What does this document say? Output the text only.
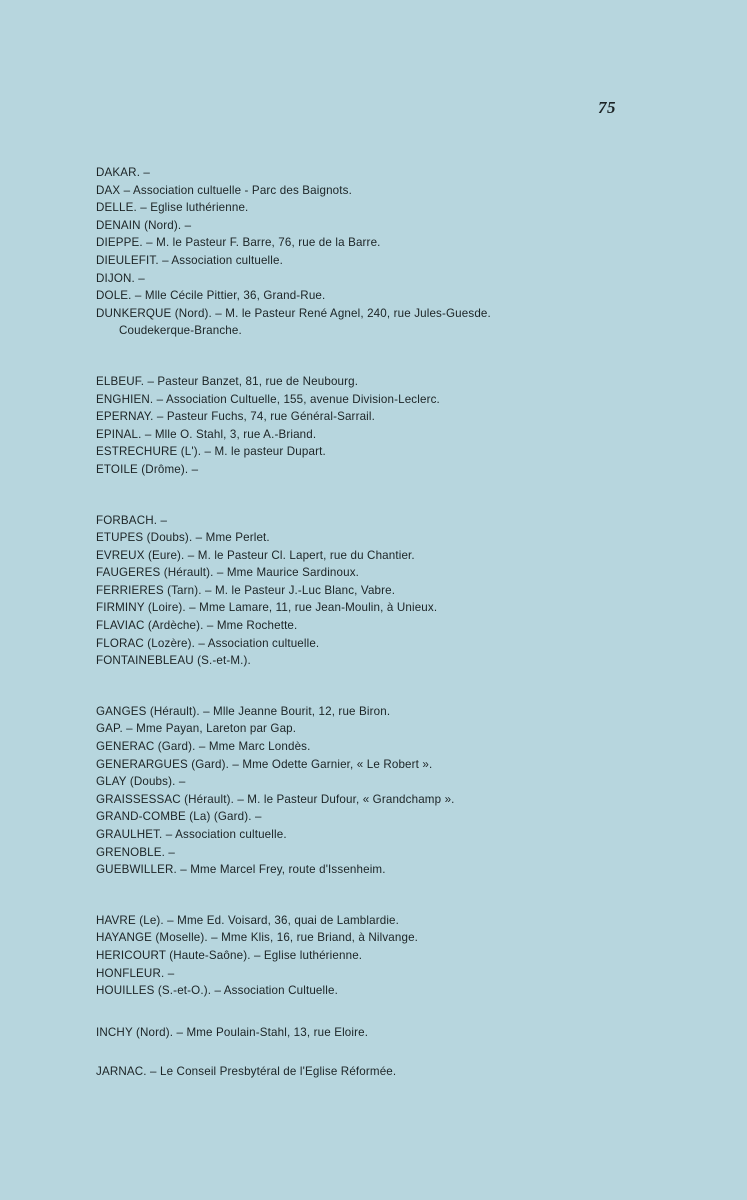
75
DAKAR. –
DAX – Association cultuelle - Parc des Baignots.
DELLE. – Eglise luthérienne.
DENAIN (Nord). –
DIEPPE. – M. le Pasteur F. Barre, 76, rue de la Barre.
DIEULEFIT. – Association cultuelle.
DIJON. –
DOLE. – Mlle Cécile Pittier, 36, Grand-Rue.
DUNKERQUE (Nord). – M. le Pasteur René Agnel, 240, rue Jules-Guesde.
Coudekerque-Branche.
ELBEUF. – Pasteur Banzet, 81, rue de Neubourg.
ENGHIEN. – Association Cultuelle, 155, avenue Division-Leclerc.
EPERNAY. – Pasteur Fuchs, 74, rue Général-Sarrail.
EPINAL. – Mlle O. Stahl, 3, rue A.-Briand.
ESTRECHURE (L'). – M. le pasteur Dupart.
ETOILE (Drôme). –
FORBACH. –
ETUPES (Doubs). – Mme Perlet.
EVREUX (Eure). – M. le Pasteur Cl. Lapert, rue du Chantier.
FAUGERES (Hérault). – Mme Maurice Sardinoux.
FERRIERES (Tarn). – M. le Pasteur J.-Luc Blanc, Vabre.
FIRMINY (Loire). – Mme Lamare, 11, rue Jean-Moulin, à Unieux.
FLAVIAC (Ardèche). – Mme Rochette.
FLORAC (Lozère). – Association cultuelle.
FONTAINEBLEAU (S.-et-M.).
GANGES (Hérault). – Mlle Jeanne Bourit, 12, rue Biron.
GAP. – Mme Payan, Lareton par Gap.
GENERAC (Gard). – Mme Marc Londès.
GENERARGUES (Gard). – Mme Odette Garnier, « Le Robert ».
GLAY (Doubs). –
GRAISSESSAC (Hérault). – M. le Pasteur Dufour, « Grandchamp ».
GRAND-COMBE (La) (Gard). –
GRAULHET. – Association cultuelle.
GRENOBLE. –
GUEBWILLER. – Mme Marcel Frey, route d'Issenheim.
HAVRE (Le). – Mme Ed. Voisard, 36, quai de Lamblardie.
HAYANGE (Moselle). – Mme Klis, 16, rue Briand, à Nilvange.
HERICOURT (Haute-Saône). – Eglise luthérienne.
HONFLEUR. –
HOUILLES (S.-et-O.). – Association Cultuelle.
INCHY (Nord). – Mme Poulain-Stahl, 13, rue Eloire.
JARNAC. – Le Conseil Presbytéral de l'Eglise Réformée.
